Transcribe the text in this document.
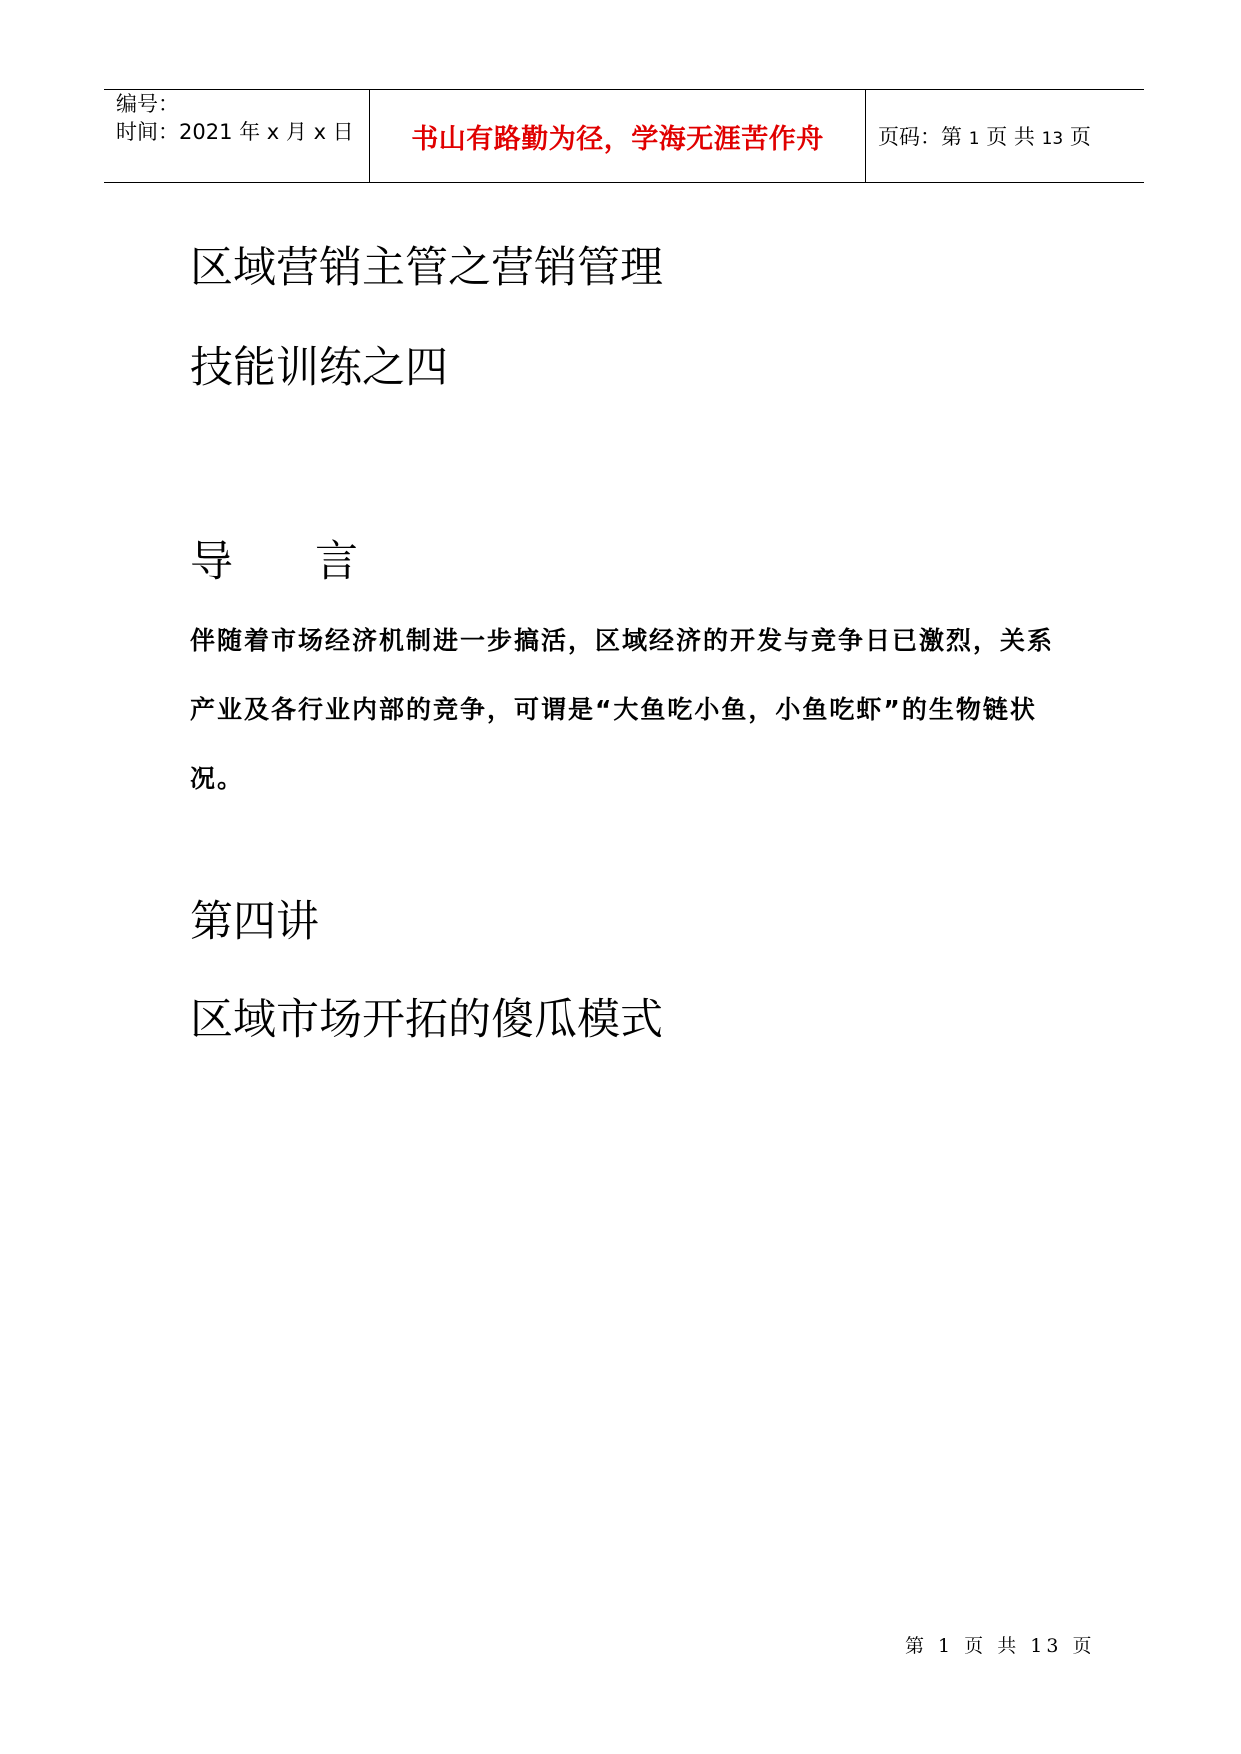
编号：
时间：2021 年 x 月 x 日 书山有路勤为径，学海无涯苦作舟	页码：第 1 页 共 13 页
区域营销主管之营销管理
技能训练之四
导      言
伴随着市场经济机制进一步搞活，区域经济的开发与竞争日已激烈，关系产业及各行业内部的竞争，可谓是“大鱼吃小鱼，小鱼吃虾”的生物链状况。
第四讲
区域市场开拓的傻瓜模式
第 1 页 共 13 页
